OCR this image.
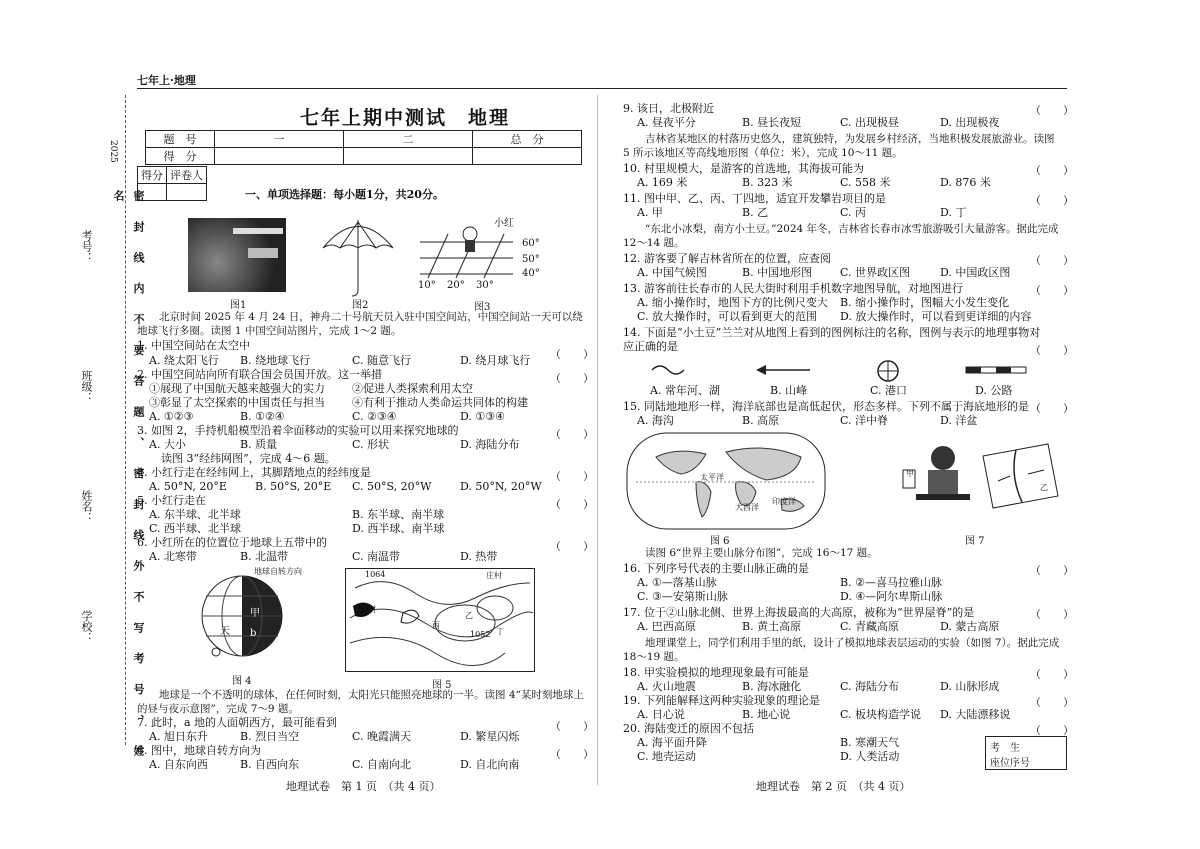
七年上·地理
2025
密 封 线 内 不 要 答 题 、 密 封 线 外 不 写 考 号 、 姓 名
考号：
班级：
姓名：
学校：
七年上期中测试　地理
题　号	一	二	总　分
得　分			
得分	评卷人

一、单项选择题：每小题1分，共20分。
图1	图2
小红
60°
50°
40°
10° 20° 30°
图3
北京时间 2025 年 4 月 24 日，神舟二十号航天员入驻中国空间站，中国空间站一天可以绕地球飞行多圈。读图 1 中国空间站图片，完成 1～2 题。
1. 中国空间站在太空中
（　　）
A. 绕太阳飞行 B. 绕地球飞行	C. 随意飞行	D. 绕月球飞行
2. 中国空间站向所有联合国会员国开放。这一举措	（　　）
①展现了中国航天越来越强大的实力 ②促进人类探索利用太空
③彰显了太空探索的中国责任与担当 ④有利于推动人类命运共同体的构建
A. ①②③	B. ①②④	C. ②③④	D. ①③④
3. 如图 2，手持机船模型沿着伞面移动的实验可以用来探究地球的	（　　）
A. 大小	B. 质量	C. 形状	D. 海陆分布
读图 3“经纬网图”，完成 4～6 题。
4. 小红行走在经纬网上，其脚踏地点的经纬度是	（　　）
A. 50°N, 20°E	B. 50°S, 20°E C. 50°S, 20°W	D. 50°N, 20°W
5. 小红行走在	（　　）
A. 东半球、北半球	B. 东半球、南半球
C. 西半球、北半球	D. 西半球、南半球
6. 小红所在的位置位于地球上五带中的	（　　）
A. 北寒带	B. 北温带	C. 南温带	D. 热带
地球自转方向
甲
天 b
图 4
1064	庄村
王村
丙
乙
丁
1052
图 5
地球是一个不透明的球体，在任何时刻，太阳光只能照亮地球的一半。读图 4“某时刻地球上的昼与夜示意图”，完成 7～9 题。
7. 此时，a 地的人面朝西方，最可能看到	（　　）
A. 旭日东升	B. 烈日当空	C. 晚霞满天	D. 繁星闪烁
8. 图中，地球自转方向为	（　　）
A. 自东向西	B. 自西向东	C. 自南向北	D. 自北向南
地理试卷　第 1 页　（共 4 页）
9. 该日，北极附近	（　　）
A. 昼夜平分	B. 昼长夜短	C. 出现极昼	D. 出现极夜
吉林省某地区的村落历史悠久，建筑独特，为发展乡村经济，当地积极发展旅游业。读图 5 所示该地区等高线地形图（单位：米），完成 10～11 题。
10. 村里规模大，是游客的首选地，其海拔可能为	（　　）
A. 169 米	B. 323 米	C. 558 米	D. 876 米
11. 图中甲、乙、丙、丁四地，适宜开发攀岩项目的是	（　　）
A. 甲	B. 乙	C. 丙	D. 丁
“东北小冰梨，南方小土豆。”2024 年冬，吉林省长春市冰雪旅游吸引大量游客。据此完成 12～14 题。
12. 游客要了解吉林省所在的位置，应查阅	（　　）
A. 中国气候图	B. 中国地形图	C. 世界政区图	D. 中国政区图
13. 游客前往长春市的人民大街时利用手机数字地图导航，对地图进行	（　　）
A. 缩小操作时，地图下方的比例尺变大 B. 缩小操作时，图幅大小发生变化
C. 放大操作时，可以看到更大的范围 D. 放大操作时，可以看到更详细的内容
14. 下面是“小土豆”兰兰对从地图上看到的图例标注的名称，图例与表示的地理事物对应正确的是	（　　）
A. 常年河、湖	B. 山峰	C. 港口	D. 公路
15. 同陆地地形一样，海洋底部也是高低起伏，形态多样。下列不属于海底地形的是 （　　）
A. 海沟	B. 高原	C. 洋中脊	D. 洋盆
太平洋
大西洋
印度洋
图 6
甲
乙
图 7
读图 6“世界主要山脉分布图”，完成 16～17 题。
16. 下列序号代表的主要山脉正确的是	（　　）
A. ①—落基山脉	B. ②—喜马拉雅山脉
C. ③—安第斯山脉	D. ④—阿尔卑斯山脉
17. 位于②山脉北侧、世界上海拔最高的大高原，被称为“世界屋脊”的是	（　　）
A. 巴西高原	B. 黄土高原	C. 青藏高原	D. 蒙古高原
地理课堂上，同学们利用手里的纸，设计了模拟地球表层运动的实验（如图 7）。据此完成 18～19 题。
18. 甲实验模拟的地理现象最有可能是	（　　）
A. 火山地震	B. 海冰融化	C. 海陆分布	D. 山脉形成
19. 下列能解释这两种实验现象的理论是	（　　）
A. 日心说	B. 地心说	C. 板块构造学说 D. 大陆漂移说
20. 海陆变迁的原因不包括	（　　）
A. 海平面升降	B. 寒潮天气
C. 地壳运动	D. 人类活动
考　生
座位序号
地理试卷　第 2 页　（共 4 页）
